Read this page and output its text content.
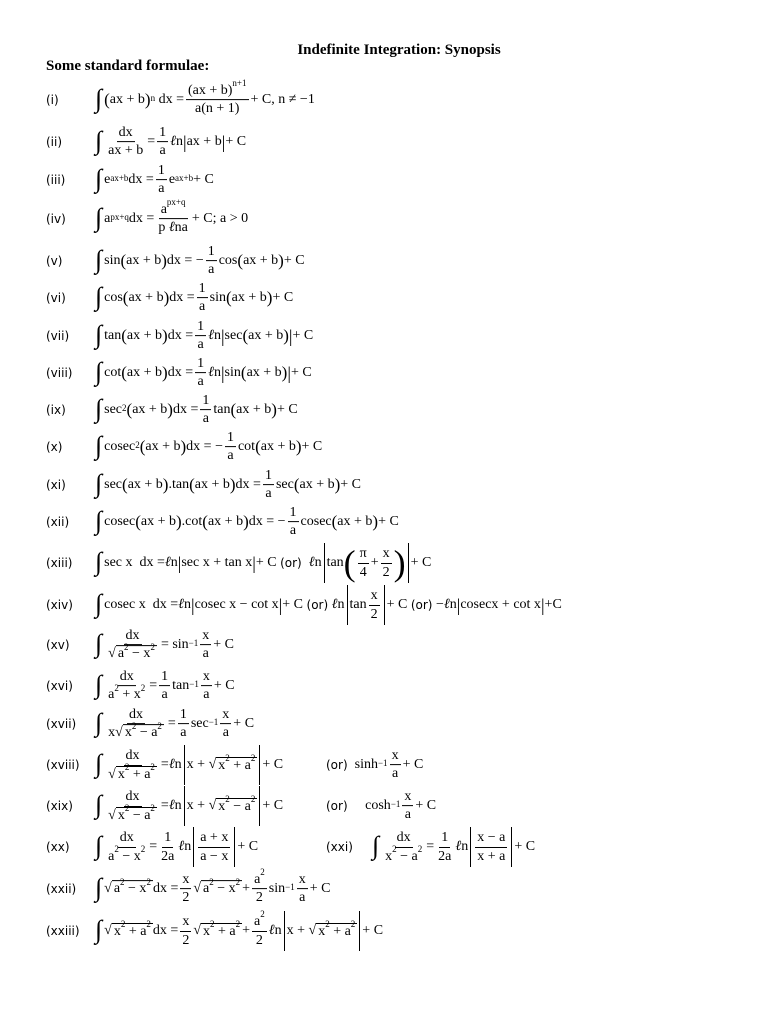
Indefinite Integration: Synopsis
Some standard formulae:
(i) ∫ ( ax + b )$^n$ dx = $\frac{(ax + b)^{n+1}}{a(n + 1)} + C$, n ≠ −1
(ii) ∫ $\frac{dx}{ax + b} = \frac{1}{a}$ ℓ n | ax + b | + C
(iii) ∫ $e^{ax+b}$ dx = $\frac{1}{a} e^{ax+b} + C$
(iv) ∫ $a^{px+q}$ dx = $\frac{a^{px+q}}{\text{p ℓna}} + C$; a > 0
(v) ∫ sin ( ax + b ) dx = − $\frac{1}{a}$ cos ( ax + b ) + C
(vi) ∫ cos ( ax + b ) dx = $\frac{1}{a}$ sin ( ax + b ) + C
(vii) ∫ tan ( ax + b ) dx = $\frac{1}{a}$ ℓ n | sec ( ax + b ) | + C
(viii) ∫ cot ( ax + b ) dx = $\frac{1}{a}$ ℓ n | sin ( ax + b ) | + C
(ix) ∫ $\sec^2$ ( ax + b ) dx = $\frac{1}{a}$ tan ( ax + b ) + C
(x) ∫ cosec$^2$ ( ax + b ) dx = − $\frac{1}{a}$ cot ( ax + b ) + C
(xi) ∫ sec ( ax + b ) .tan ( ax + b ) dx = $\frac{1}{a}$ sec ( ax + b ) + C
(xii) ∫ cosec ( ax + b ) .cot ( ax + b ) dx = − $\frac{1}{a}$ cosec ( ax + b ) + C
(xiii) ∫ sec x  dx = ℓ n | sec x + tan x | + C (or)
ℓ n tan ( $\frac{\pi}{4} + \frac{x}{2}$ ) + C
(xiv) ∫ cosec x  dx = ℓ n | cosec x − cot x | + C (or)
ℓ n $\tan \frac{x}{2} + C$ (or) − ℓ n | cosecx + cot x | +C
(xv) ∫ $\frac{dx}{√ a^2 - x^2} = \sin^{-1} \frac{x}{a} + C$
(xvi) ∫ $\frac{dx}{a^2 + x^2} = \frac{1}{a} \tan^{-1} \frac{x}{a} + C$
(xvii) ∫ $\frac{dx}{x√ x^2 - a^2} = \frac{1}{a} \sec^{-1} \frac{x}{a} + C$
(xviii) ∫ $\frac{dx}{√ x^2 + a^2}$ = ℓ n x + √ $x^2 + a^2 + C$	(or) $\sinh^{-1} \frac{x}{a} + C$
(xix) ∫ $\frac{dx}{√ x^2 - a^2}$ = ℓ n x + √ $x^2 - a^2 + C$	(or) $\cosh^{-1} \frac{x}{a} + C$
(xx) ∫ $\frac{dx}{a^2 - x^2} = \frac{1}{2a}$ ℓ n $\frac{a + x}{a - x} + C$	(xxi) ∫ $\frac{dx}{x^2 - a^2} = \frac{1}{2a}$ ℓ n $\frac{x - a}{x + a} + C$
(xxii) ∫ √ $a^2 - x^2$ dx = $\frac{x}{2}$ √ $a^2 - x^2 + \frac{a^2}{2} \sin^{-1} \frac{x}{a} + C$
(xxiii) ∫ √ $x^2 + a^2$ dx = $\frac{x}{2}$ √ $x^2 + a^2 + \frac{a^2}{2}$ ℓ n x + √ $x^2 + a^2 + C$
